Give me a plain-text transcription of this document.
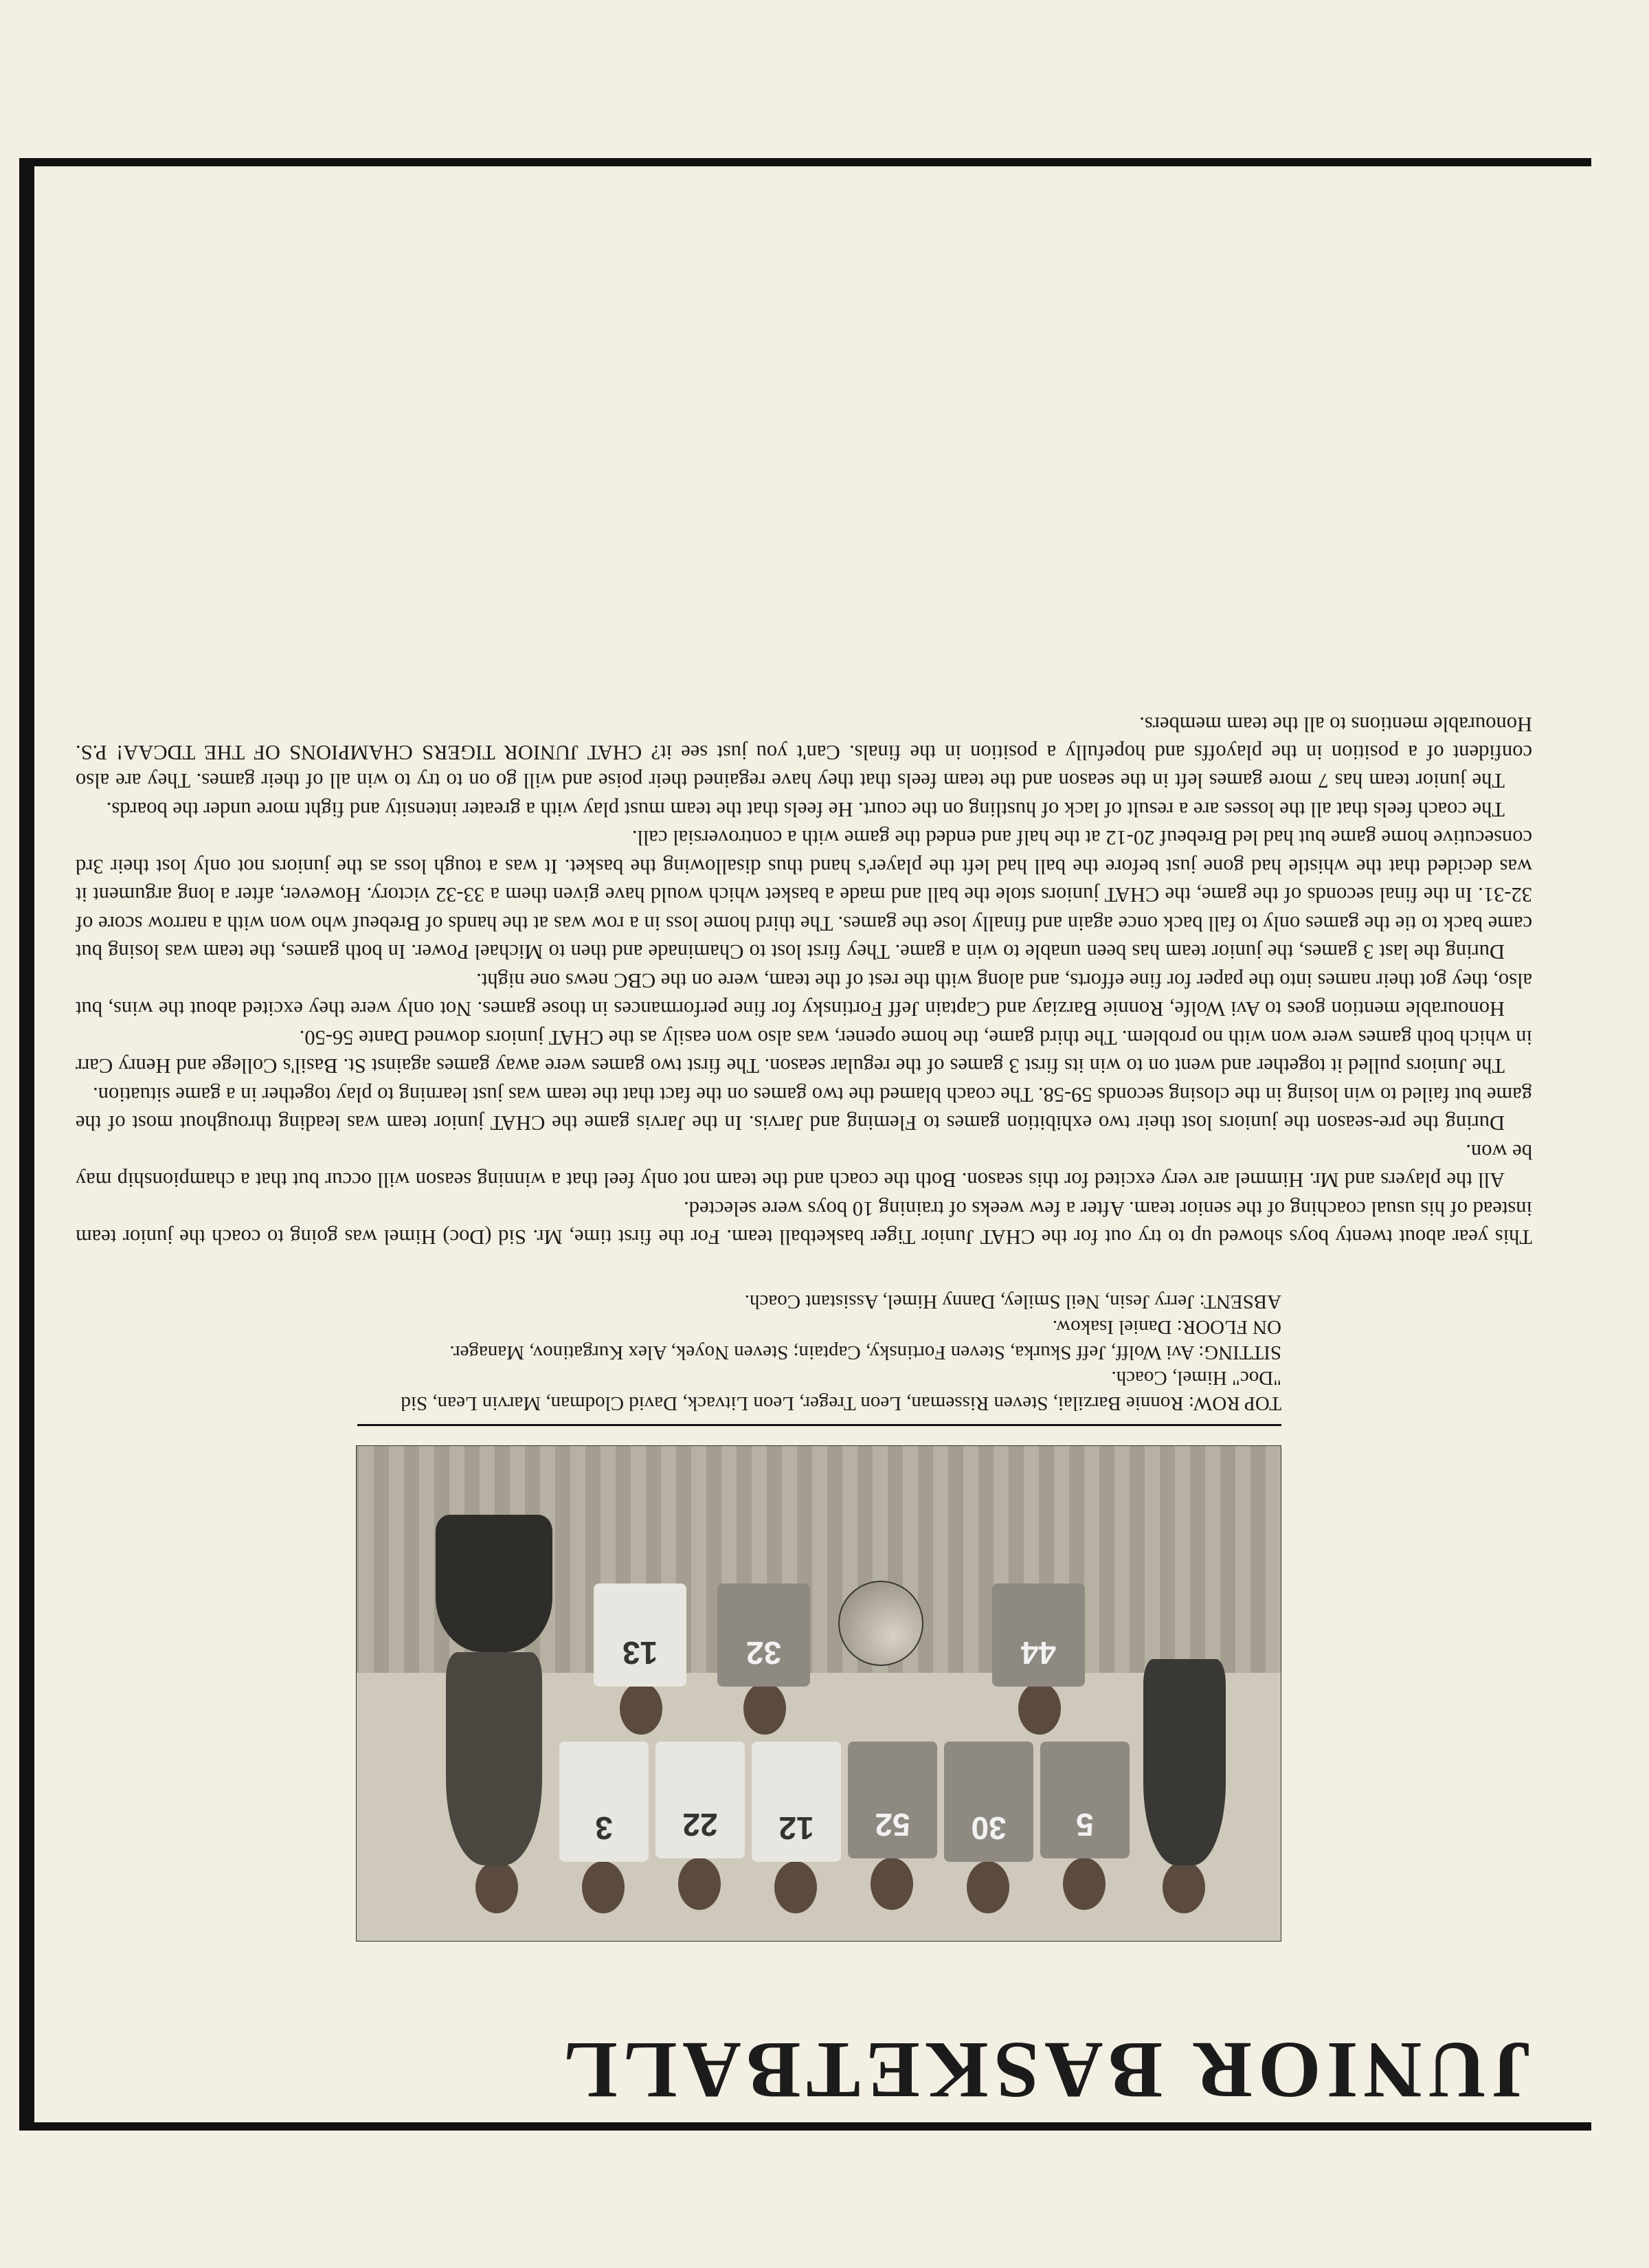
JUNIOR BASKETBALL
5
30
52
12
22
3
44
32
13

TOP ROW: Ronnie Barzilai, Steven Risseman, Leon Treger, Leon Litvack, David Clodman, Marvin Lean, Sid "Doc" Himel, Coach.

SITTING: Avi Wolff, Jeff Skurka, Steven Fortinsky, Captain; Steven Noyek, Alex Kurgatinov, Manager.

ON FLOOR: Daniel Isakow.

ABSENT: Jerry Jesin, Neil Smiley, Danny Himel, Assistant Coach.

This year about twenty boys showed up to try out for the CHAT Junior Tiger basketball team. For the first time, Mr. Sid (Doc) Himel was going to coach the junior team instead of his usual coaching of the senior team. After a few weeks of training 10 boys were selected.

All the players and Mr. Himmel are very excited for this season. Both the coach and the team not only feel that a winning season will occur but that a championship may be won.

During the pre-season the juniors lost their two exhibition games to Fleming and Jarvis. In the Jarvis game the CHAT junior team was leading throughout most of the game but failed to win losing in the closing seconds 59-58. The coach blamed the two games on the fact that the team was just learning to play together in a game situation.

The Juniors pulled it together and went on to win its first 3 games of the regular season. The first two games were away games against St. Basil's College and Henry Carr in which both games were won with no problem. The third game, the home opener, was also won easily as the CHAT juniors downed Dante 56-50.

Honourable mention goes to Avi Wolfe, Ronnie Barziay and Captain Jeff Fortinsky for fine performances in those games. Not only were they excited about the wins, but also, they got their names into the paper for fine efforts, and along with the rest of the team, were on the CBC news one night.

During the last 3 games, the junior team has been unable to win a game. They first lost to Chaminade and then to Michael Power. In both games, the team was losing but came back to tie the games only to fall back once again and finally lose the games. The third home loss in a row was at the hands of Brebeuf who won with a narrow score of 32-31. In the final seconds of the game, the CHAT juniors stole the ball and made a basket which would have given them a 33-32 victory. However, after a long argument it was decided that the whistle had gone just before the ball had left the player's hand thus disallowing the basket. It was a tough loss as the juniors not only lost their 3rd consecutive home game but had led Brebeuf 20-12 at the half and ended the game with a controversial call.

The coach feels that all the losses are a result of lack of hustling on the court. He feels that the team must play with a greater intensity and fight more under the boards.

The junior team has 7 more games left in the season and the team feels that they have regained their poise and will go on to try to win all of their games. They are also confident of a position in the playoffs and hopefully a position in the finals. Can't you just see it? CHAT JUNIOR TIGERS CHAMPIONS OF THE TDCAA! P.S. Honourable mentions to all the team members.
